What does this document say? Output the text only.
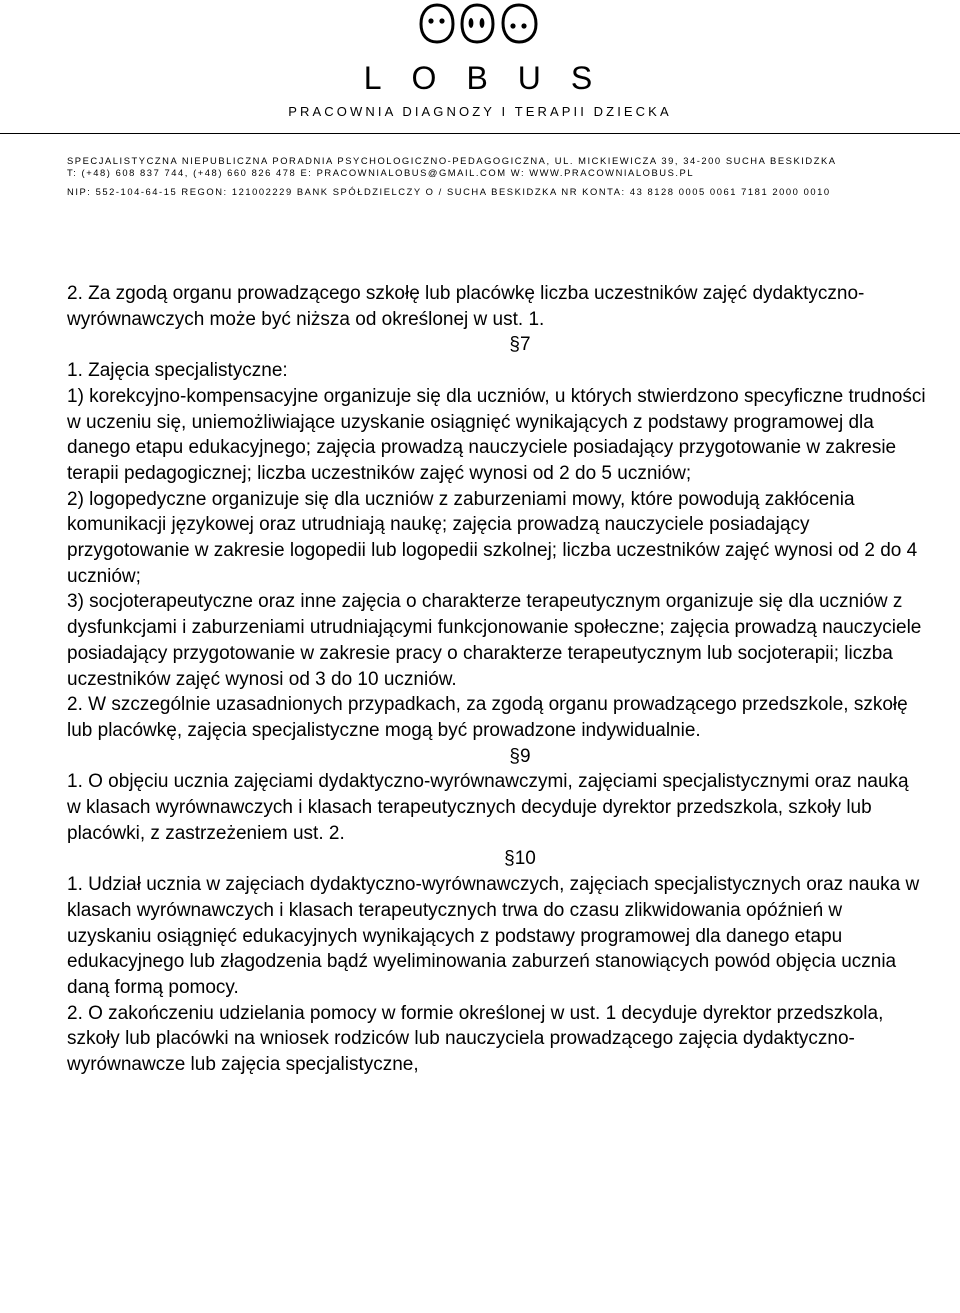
LOBUS
PRACOWNIA DIAGNOZY I TERAPII DZIECKA
SPECJALISTYCZNA NIEPUBLICZNA PORADNIA PSYCHOLOGICZNO-PEDAGOGICZNA, UL. MICKIEWICZA 39, 34-200 SUCHA BESKIDZKA
T: (+48) 608 837 744, (+48) 660 826 478 E: PRACOWNIALOBUS@GMAIL.COM W: WWW.PRACOWNIALOBUS.PL
NIP: 552-104-64-15 REGON: 121002229 BANK SPÓŁDZIELCZY O / SUCHA BESKIDZKA NR KONTA: 43 8128 0005 0061 7181 2000 0010

2. Za zgodą organu prowadzącego szkołę lub placówkę liczba uczestników zajęć dydaktyczno-wyrównawczych może być niższa od określonej w ust. 1.

§7

1. Zajęcia specjalistyczne:

1) korekcyjno-kompensacyjne organizuje się dla uczniów, u których stwierdzono specyficzne trudności w uczeniu się, uniemożliwiające uzyskanie osiągnięć wynikających z podstawy programowej dla danego etapu edukacyjnego; zajęcia prowadzą nauczyciele posiadający przygotowanie w zakresie terapii pedagogicznej; liczba uczestników zajęć wynosi od 2 do 5 uczniów;

2) logopedyczne organizuje się dla uczniów z zaburzeniami mowy, które powodują zakłócenia komunikacji językowej oraz utrudniają naukę; zajęcia prowadzą nauczyciele posiadający przygotowanie w zakresie logopedii lub logopedii szkolnej; liczba uczestników zajęć wynosi od 2 do 4 uczniów;

3) socjoterapeutyczne oraz inne zajęcia o charakterze terapeutycznym organizuje się dla uczniów z dysfunkcjami i zaburzeniami utrudniającymi funkcjonowanie społeczne; zajęcia prowadzą nauczyciele posiadający przygotowanie w zakresie pracy o charakterze terapeutycznym lub socjoterapii; liczba uczestników zajęć wynosi od 3 do 10 uczniów.

2. W szczególnie uzasadnionych przypadkach, za zgodą organu prowadzącego przedszkole, szkołę lub placówkę, zajęcia specjalistyczne mogą być prowadzone indywidualnie.

§9

1. O objęciu ucznia zajęciami dydaktyczno-wyrównawczymi, zajęciami specjalistycznymi oraz nauką w klasach wyrównawczych i klasach terapeutycznych decyduje dyrektor przedszkola, szkoły lub placówki, z zastrzeżeniem ust. 2.

§10

1. Udział ucznia w zajęciach dydaktyczno-wyrównawczych, zajęciach specjalistycznych oraz nauka w klasach wyrównawczych i klasach terapeutycznych trwa do czasu zlikwidowania opóźnień w uzyskaniu osiągnięć edukacyjnych wynikających z podstawy programowej dla danego etapu edukacyjnego lub złagodzenia bądź wyeliminowania zaburzeń stanowiących powód objęcia ucznia daną formą pomocy.

2. O zakończeniu udzielania pomocy w formie określonej w ust. 1 decyduje dyrektor przedszkola, szkoły lub placówki na wniosek rodziców lub nauczyciela prowadzącego zajęcia dydaktyczno-wyrównawcze lub zajęcia specjalistyczne,
